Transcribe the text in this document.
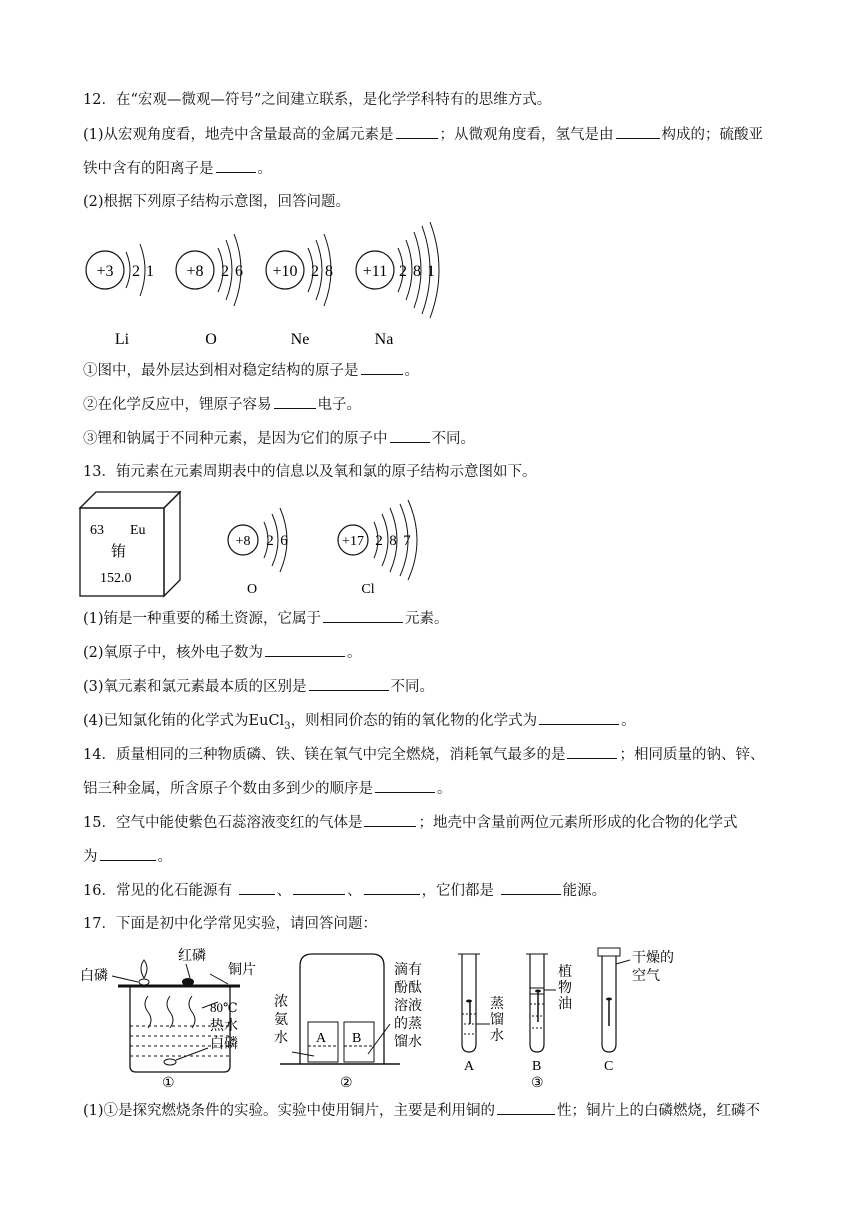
12．在“宏观—微观—符号”之间建立联系，是化学学科特有的思维方式。
(1)从宏观角度看，地壳中含量最高的金属元素是	；从微观角度看，氢气是由	构成的；硫酸亚
铁中含有的阳离子是	。
(2)根据下列原子结构示意图，回答问题。
+3 2 1
Li
+8 2 6
O
+10 2 8
Ne
+11 2 8 1
Na
①图中，最外层达到相对稳定结构的原子是	。
②在化学反应中，锂原子容易	电子。
③锂和钠属于不同种元素，是因为它们的原子中	不同。
13．铕元素在元素周期表中的信息以及氧和氯的原子结构示意图如下。
63 Eu
铕
152.0
+8 2 6
O
+17 2 8 7
Cl
(1)铕是一种重要的稀土资源，它属于	元素。
(2)氧原子中，核外电子数为	。
(3)氧元素和氯元素最本质的区别是	不同。
(4)已知氯化铕的化学式为EuCl$_3$，则相同价态的铕的氧化物的化学式为	。
14．质量相同的三种物质磷、铁、镁在氧气中完全燃烧，消耗氧气最多的是	；相同质量的钠、锌、
铝三种金属，所含原子个数由多到少的顺序是	。
15．空气中能使紫色石蕊溶液变红的气体是	；地壳中含量前两位元素所形成的化合物的化学式
为	。
16．常见的化石能源有	、	、	，它们都是	能源。
17．下面是初中化学常见实验，请回答问题：
白磷
红磷
铜片
80℃
热水
白磷
①
A B
浓
氨
水
滴有
酚酞
溶液
的蒸
馏水
②
A	B	C
蒸
馏
水
植
物
油
干燥的
空气
③
(1)①是探究燃烧条件的实验。实验中使用铜片，主要是利用铜的	性；铜片上的白磷燃烧，红磷不
